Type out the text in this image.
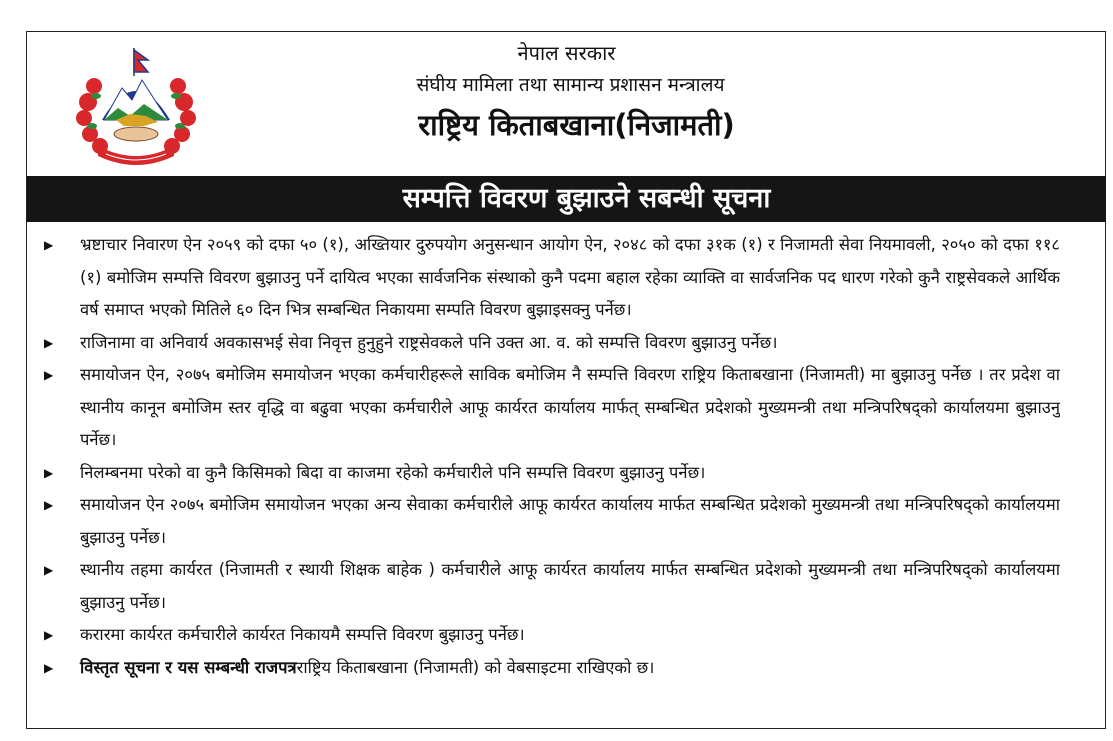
नेपाल सरकार
संघीय मामिला तथा सामान्य प्रशासन मन्त्रालय
राष्ट्रिय किताबखाना(निजामती)
सम्पत्ति विवरण बुझाउने सबन्धी सूचना
▶ भ्रष्टाचार निवारण ऐन २०५९ को दफा ५० (१), अख्तियार दुरुपयोग अनुसन्धान आयोग ऐन, २०४८ को दफा ३१क (१) र निजामती सेवा नियमावली, २०५० को दफा ११८ (१) बमोजिम सम्पत्ति विवरण बुझाउनु पर्ने दायित्व भएका सार्वजनिक संस्थाको कुनै पदमा बहाल रहेका व्याक्ति वा सार्वजनिक पद धारण गरेको कुनै राष्ट्रसेवकले आर्थिक वर्ष समाप्त भएको मितिले ६० दिन भित्र सम्बन्धित निकायमा सम्पति विवरण बुझाइसक्नु पर्नेछ।
▶ राजिनामा वा अनिवार्य अवकासभई सेवा निवृत्त हुनुहुने राष्ट्रसेवकले पनि उक्त आ. व. को सम्पत्ति विवरण बुझाउनु पर्नेछ।
▶ समायोजन ऐन, २०७५ बमोजिम समायोजन भएका कर्मचारीहरूले साविक बमोजिम नै सम्पत्ति विवरण राष्ट्रिय किताबखाना (निजामती) मा बुझाउनु पर्नेछ । तर प्रदेश वा स्थानीय कानून बमोजिम स्तर वृद्धि वा बढुवा भएका कर्मचारीले आफू कार्यरत कार्यालय मार्फत् सम्बन्धित प्रदेशको मुख्यमन्त्री तथा मन्त्रिपरिषद्को कार्यालयमा बुझाउनु पर्नेछ।
▶ निलम्बनमा परेको वा कुनै किसिमको बिदा वा काजमा रहेको कर्मचारीले पनि सम्पत्ति विवरण बुझाउनु पर्नेछ।
▶ समायोजन ऐन २०७५ बमोजिम समायोजन भएका अन्य सेवाका कर्मचारीले आफू कार्यरत कार्यालय मार्फत सम्बन्धित प्रदेशको मुख्यमन्त्री तथा मन्त्रिपरिषद्को कार्यालयमा बुझाउनु पर्नेछ।
▶ स्थानीय तहमा कार्यरत (निजामती र स्थायी शिक्षक बाहेक ) कर्मचारीले आफू कार्यरत कार्यालय मार्फत सम्बन्धित प्रदेशको मुख्यमन्त्री तथा मन्त्रिपरिषद्को कार्यालयमा बुझाउनु पर्नेछ।
▶ करारमा कार्यरत कर्मचारीले कार्यरत निकायमै सम्पत्ति विवरण बुझाउनु पर्नेछ।
▶ विस्तृत सूचना र यस सम्बन्धी राजपत्रराष्ट्रिय किताबखाना (निजामती) को वेबसाइटमा राखिएको छ।
